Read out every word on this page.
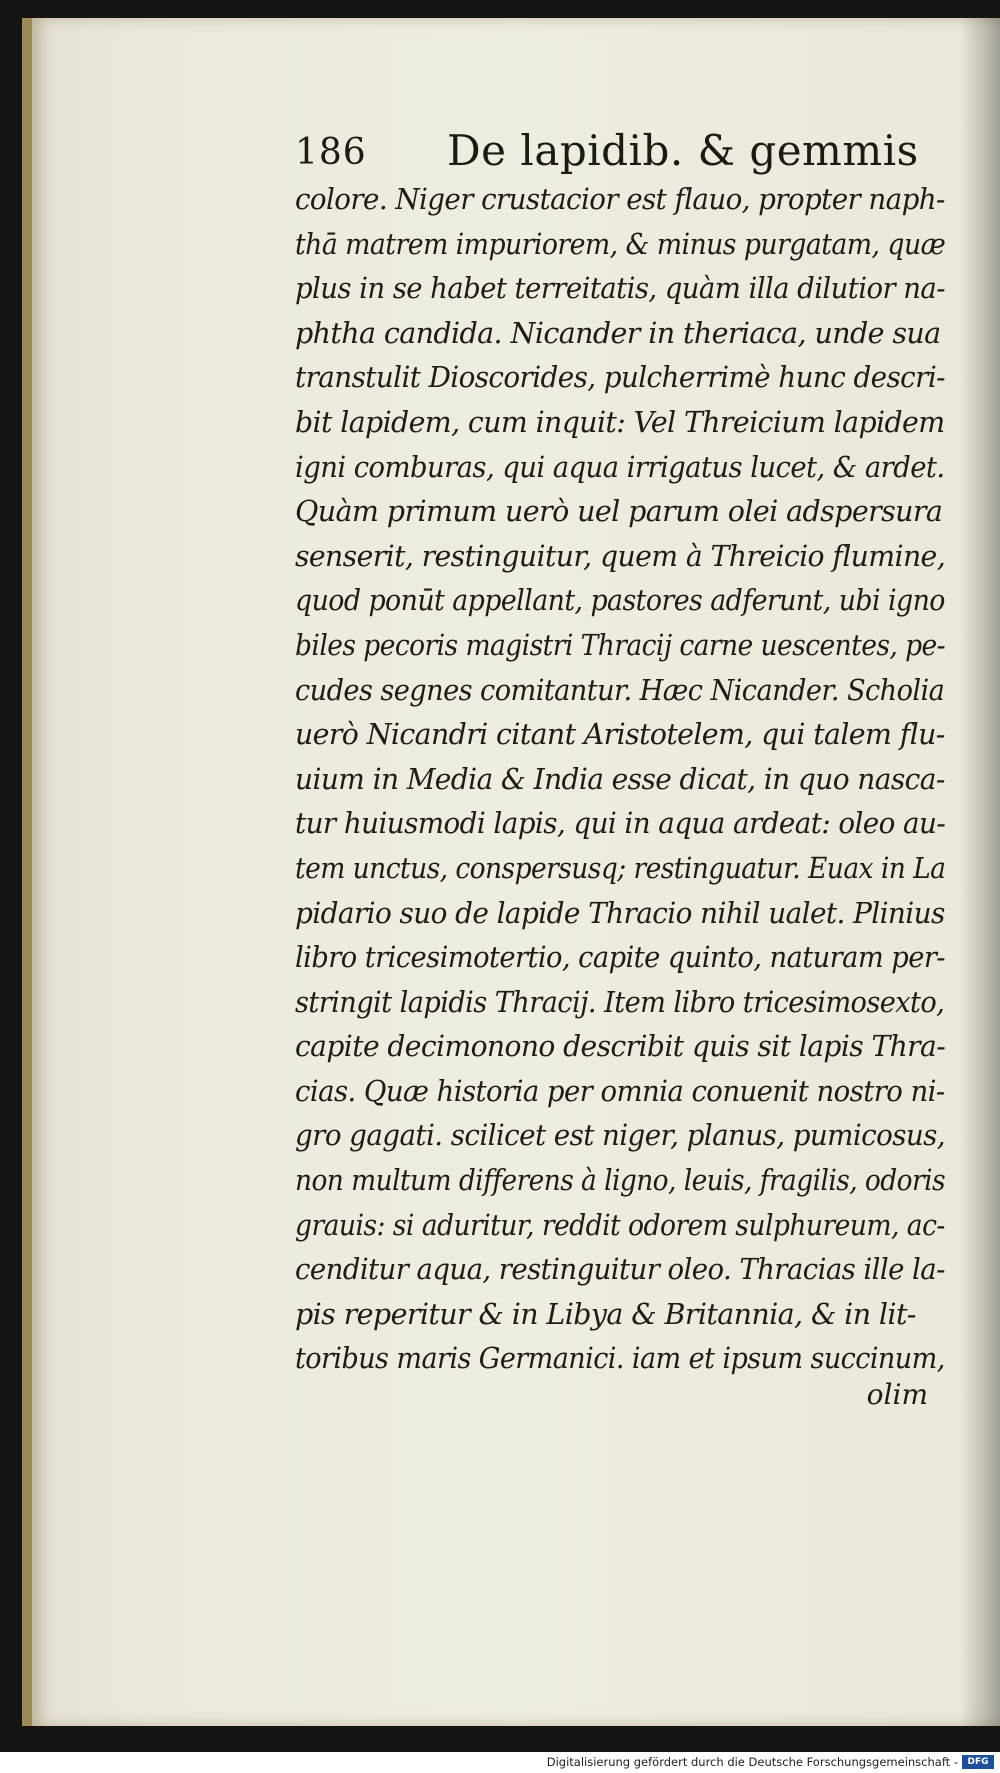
186 De lapidib. & gemmis
colore. Niger crustacior est flauo, propter naph-
thā matrem impuriorem, & minus purgatam, quæ
plus in se habet terreitatis, quàm illa dilutior na-
phtha candida. Nicander in theriaca, unde sua
transtulit Dioscorides, pulcherrimè hunc descri-
bit lapidem, cum inquit: Vel Threicium lapidem
igni comburas, qui aqua irrigatus lucet, & ardet.
Quàm primum uerò uel parum olei adspersura
senserit, restinguitur, quem à Threicio flumine,
quod ponūt appellant, pastores adferunt, ubi igno
biles pecoris magistri Thracij carne uescentes, pe-
cudes segnes comitantur. Hæc Nicander. Scholia
uerò Nicandri citant Aristotelem, qui talem flu-
uium in Media & India esse dicat, in quo nasca-
tur huiusmodi lapis, qui in aqua ardeat: oleo au-
tem unctus, conspersusq; restinguatur. Euax in La
pidario suo de lapide Thracio nihil ualet. Plinius
libro tricesimotertio, capite quinto, naturam per-
stringit lapidis Thracij. Item libro tricesimosexto,
capite decimonono describit quis sit lapis Thra-
cias. Quæ historia per omnia conuenit nostro ni-
gro gagati. scilicet est niger, planus, pumicosus,
non multum differens à ligno, leuis, fragilis, odoris
grauis: si aduritur, reddit odorem sulphureum, ac-
cenditur aqua, restinguitur oleo. Thracias ille la-
pis reperitur & in Libya & Britannia, & in lit-
toribus maris Germanici. iam et ipsum succinum,
olim
Digitalisierung gefördert durch die Deutsche Forschungsgemeinschaft -	DFG
